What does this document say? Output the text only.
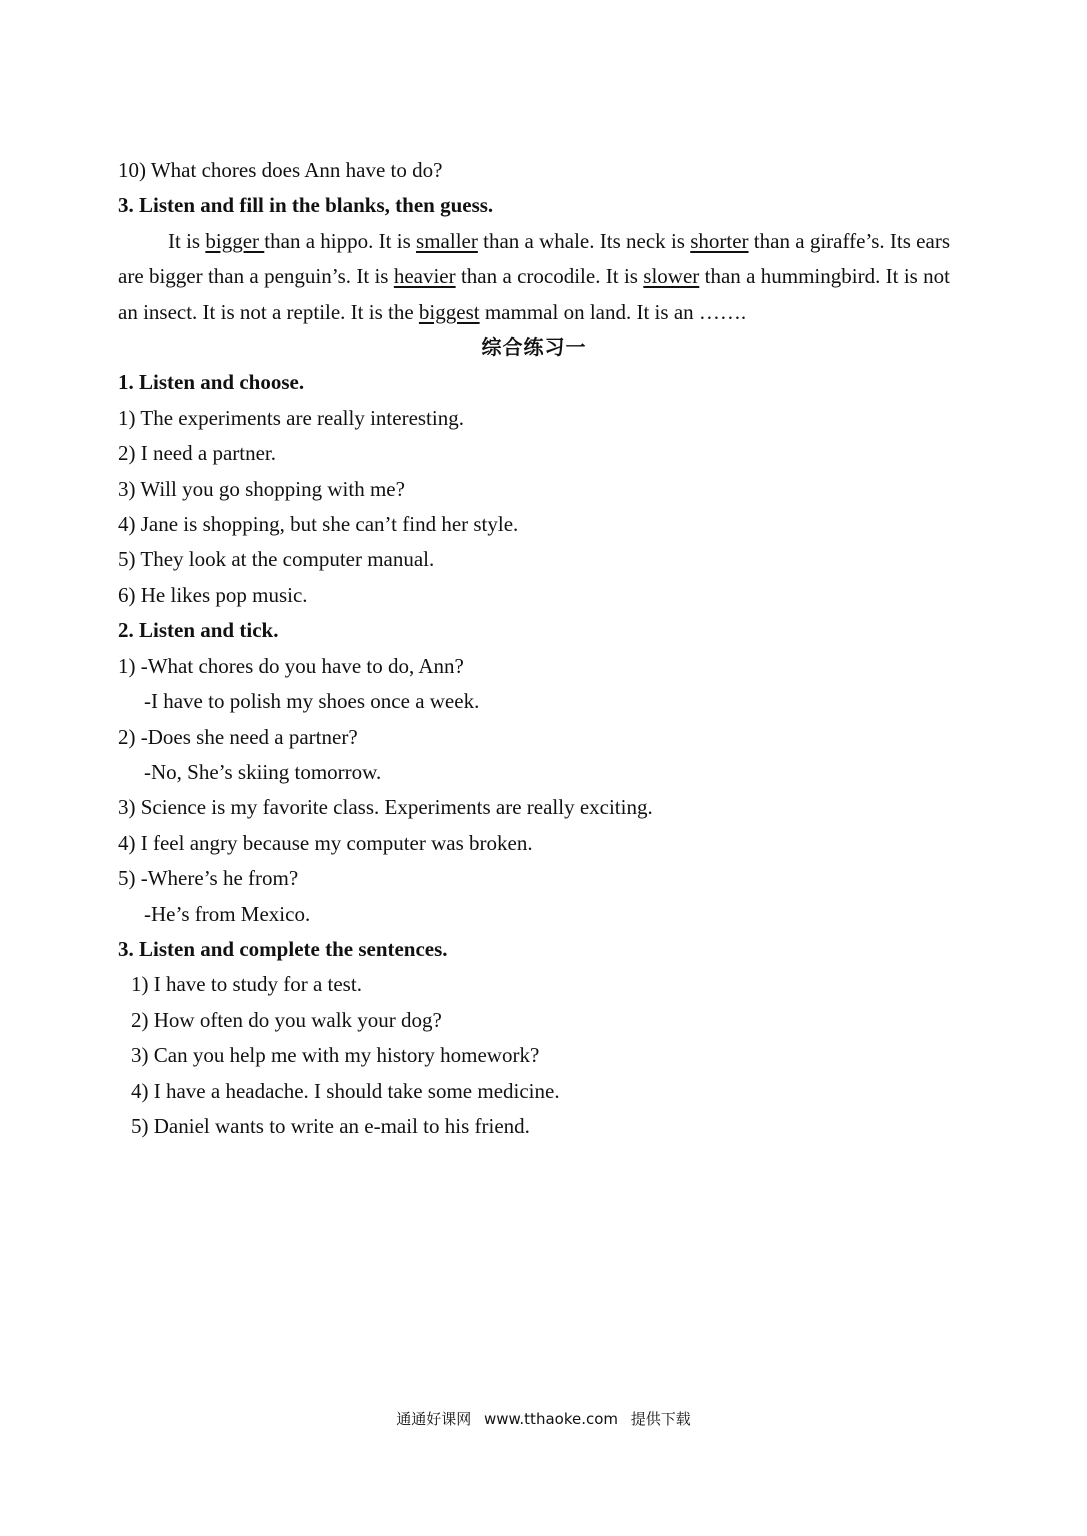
10) What chores does Ann have to do?
3. Listen and fill in the blanks, then guess.
It is bigger than a hippo. It is smaller than a whale. Its neck is shorter than a giraffe’s. Its ears are bigger than a penguin’s. It is heavier than a crocodile. It is slower than a hummingbird. It is not an insect. It is not a reptile. It is the biggest mammal on land. It is an …….
综合练习一
1. Listen and choose.
1) The experiments are really interesting.
2) I need a partner.
3) Will you go shopping with me?
4) Jane is shopping, but she can’t find her style.
5) They look at the computer manual.
6) He likes pop music.
2. Listen and tick.
1) -What chores do you have to do, Ann?
-I have to polish my shoes once a week.
2) -Does she need a partner?
-No, She’s skiing tomorrow.
3) Science is my favorite class. Experiments are really exciting.
4) I feel angry because my computer was broken.
5) -Where’s he from?
-He’s from Mexico.
3. Listen and complete the sentences.
1) I have to study for a test.
2) How often do you walk your dog?
3) Can you help me with my history homework?
4) I have a headache. I should take some medicine.
5) Daniel wants to write an e-mail to his friend.
通通好课网 www.tthaoke.com 提供下载
